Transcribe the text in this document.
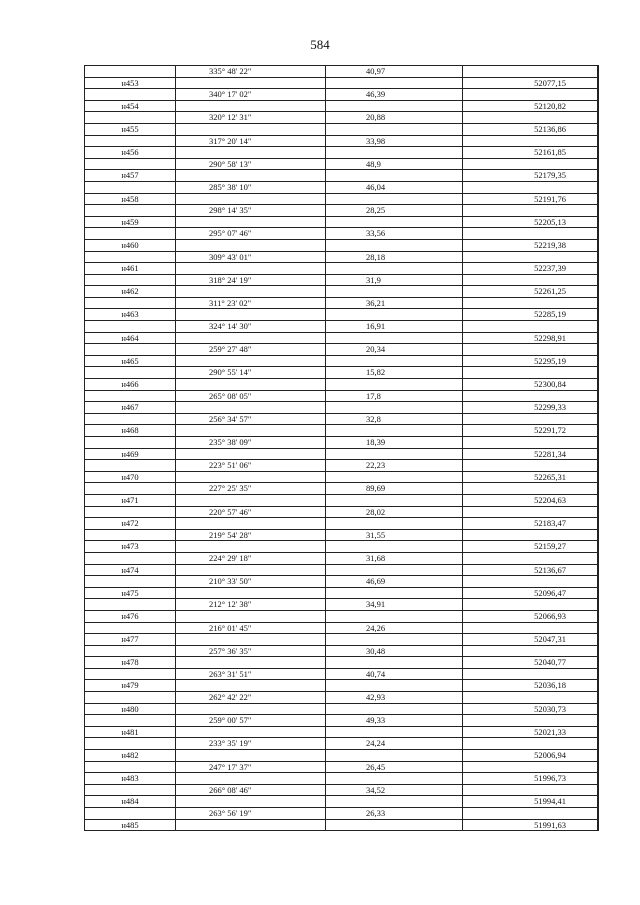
584
	335° 48' 22"	40,97		
н453			52077,15	
	340° 17' 02"	46,39		
н454			52120,82	
	320° 12' 31"	20,88		
н455			52136,86	
	317° 20' 14"	33,98		
н456			52161,85	
	290° 58' 13"	48,9		
н457			52179,35	
	285° 38' 10"	46,04		
н458			52191,76	
	298° 14' 35"	28,25		
н459			52205,13	
	295° 07' 46"	33,56		
н460			52219,38	
	309° 43' 01"	28,18		
н461			52237,39	
	318° 24' 19"	31,9		
н462			52261,25	
	311° 23' 02"	36,21		
н463			52285,19	
	324° 14' 30"	16,91		
н464			52298,91	
	259° 27' 48"	20,34		
н465			52295,19	
	290° 55' 14"	15,82		
н466			52300,84	
	265° 08' 05"	17,8		
н467			52299,33	
	256° 34' 57"	32,8		
н468			52291,72	
	235° 38' 09"	18,39		
н469			52281,34	
	223° 51' 06"	22,23		
н470			52265,31	
	227° 25' 35"	89,69		
н471			52204,63	
	220° 57' 46"	28,02		
н472			52183,47	
	219° 54' 28"	31,55		
н473			52159,27	
	224° 29' 18"	31,68		
н474			52136,67	
	210° 33' 50"	46,69		
н475			52096,47	
	212° 12' 38"	34,91		
н476			52066,93	
	216° 01' 45"	24,26		
н477			52047,31	
	257° 36' 35"	30,48		
н478			52040,77	
	263° 31' 51"	40,74		
н479			52036,18	
	262° 42' 22"	42,93		
н480			52030,73	
	259° 00' 57"	49,33		
н481			52021,33	
	233° 35' 19"	24,24		
н482			52006,94	
	247° 17' 37"	26,45		
н483			51996,73	
	266° 08' 46"	34,52		
н484			51994,41	
	263° 56' 19"	26,33		
н485			51991,63	
